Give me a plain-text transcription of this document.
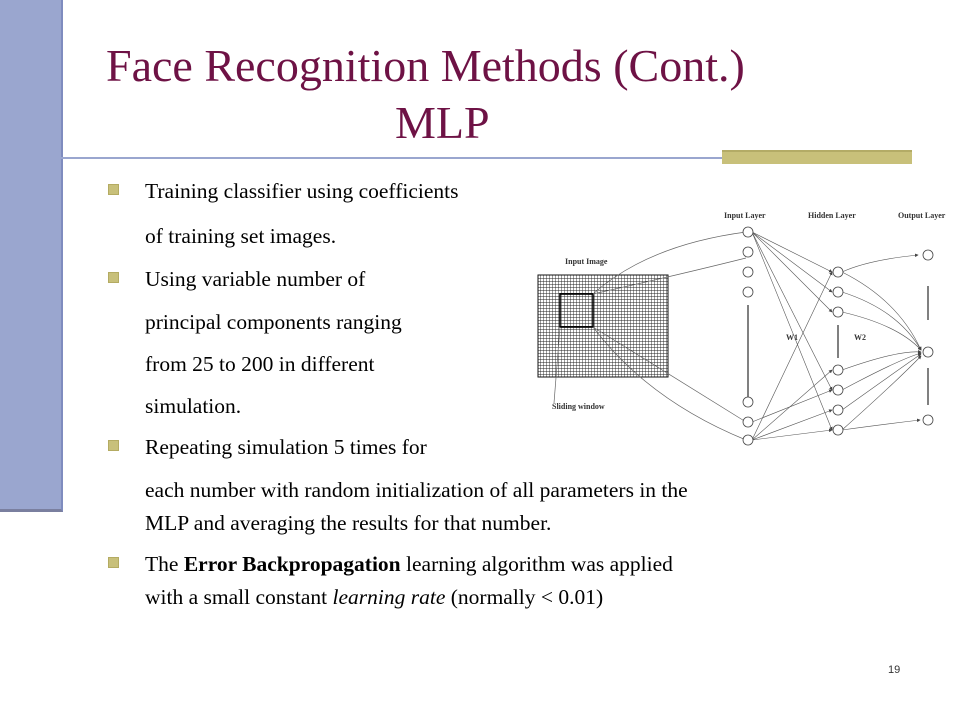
Face Recognition Methods (Cont.)
MLP
Training classifier using coefficients
of training set images.
Using variable number of
principal components ranging
from 25 to 200 in different
simulation.
Repeating simulation 5 times for
each number with random initialization of all parameters in the
MLP and averaging the results for that number.
The Error Backpropagation learning algorithm was applied
with a small constant learning rate (normally < 0.01)
Input Image
Input Layer	Hidden Layer	Output Layer
Sliding window
W1	W2
19
